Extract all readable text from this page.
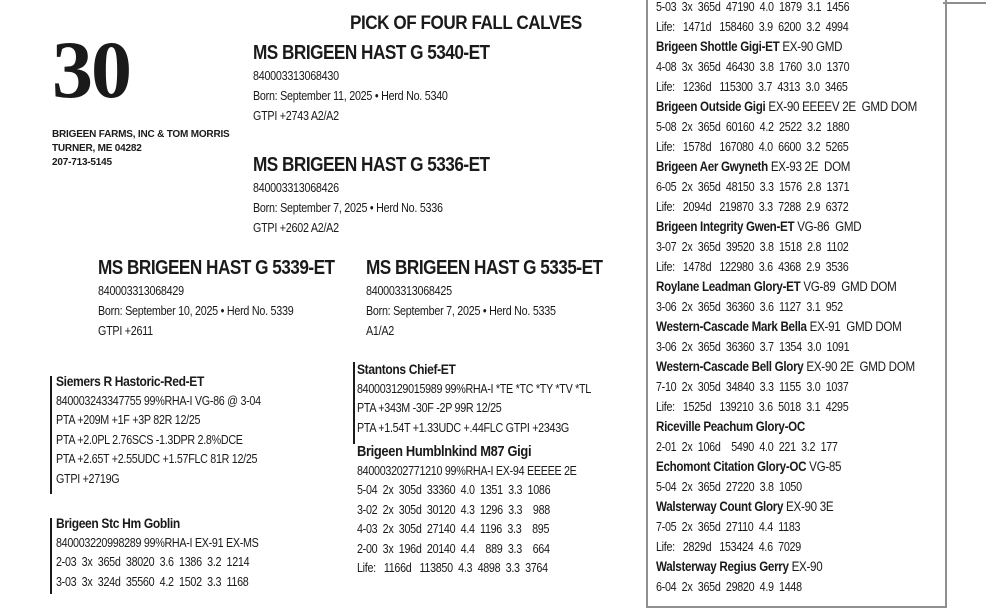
30
BRIGEEN FARMS, INC & TOM MORRIS
TURNER, ME 04282
207-713-5145
PICK OF FOUR FALL CALVES
MS BRIGEEN HAST G 5340-ET
840003313068430
Born: September 11, 2025 • Herd No. 5340
GTPI +2743 A2/A2
MS BRIGEEN HAST G 5336-ET
840003313068426
Born: September 7, 2025 • Herd No. 5336
GTPI +2602 A2/A2
MS BRIGEEN HAST G 5339-ET
840003313068429
Born: September 10, 2025 • Herd No. 5339
GTPI +2611
MS BRIGEEN HAST G 5335-ET
840003313068425
Born: September 7, 2025 • Herd No. 5335
A1/A2
Siemers R Hastoric-Red-ET
840003243347755 99%RHA-I VG-86 @ 3-04
PTA +209M +1F +3P 82R 12/25
PTA +2.0PL 2.76SCS -1.3DPR 2.8%DCE
PTA +2.65T +2.55UDC +1.57FLC 81R 12/25
GTPI +2719G
Brigeen Stc Hm Goblin
840003220998289 99%RHA-I EX-91 EX-MS
2-03  3x  365d  38020  3.6  1386  3.2  1214
3-03  3x  324d  35560  4.2  1502  3.3  1168
Stantons Chief-ET
840003129015989 99%RHA-I *TE *TC *TY *TV *TL
PTA +343M -30F -2P 99R 12/25
PTA +1.54T +1.33UDC +.44FLC GTPI +2343G
Brigeen Humblnkind M87 Gigi
840003202771210 99%RHA-I EX-94 EEEEE 2E
5-04  2x  305d  33360  4.0  1351  3.3  1086
3-02  2x  305d  30120  4.3  1296  3.3    988
4-03  2x  305d  27140  4.4  1196  3.3    895
2-00  3x  196d  20140  4.4    889  3.3    664
Life:   1166d   113850  4.3  4898  3.3  3764
5-03  3x  365d  47190  4.0  1879  3.1  1456
Life:   1471d   158460  3.9  6200  3.2  4994
Brigeen Shottle Gigi-ET EX-90 GMD
4-08  3x  365d  46430  3.8  1760  3.0  1370
Life:   1236d   115300  3.7  4313  3.0  3465
Brigeen Outside Gigi EX-90 EEEEV 2E  GMD DOM
5-08  2x  365d  60160  4.2  2522  3.2  1880
Life:   1578d   167080  4.0  6600  3.2  5265
Brigeen Aer Gwyneth EX-93 2E  DOM
6-05  2x  365d  48150  3.3  1576  2.8  1371
Life:   2094d   219870  3.3  7288  2.9  6372
Brigeen Integrity Gwen-ET VG-86  GMD
3-07  2x  365d  39520  3.8  1518  2.8  1102
Life:   1478d   122980  3.6  4368  2.9  3536
Roylane Leadman Glory-ET VG-89  GMD DOM
3-06  2x  365d  36360  3.6  1127  3.1  952
Western-Cascade Mark Bella EX-91  GMD DOM
3-06  2x  365d  36360  3.7  1354  3.0  1091
Western-Cascade Bell Glory EX-90 2E  GMD DOM
7-10  2x  305d  34840  3.3  1155  3.0  1037
Life:   1525d   139210  3.6  5018  3.1  4295
Riceville Peachum Glory-OC
2-01  2x  106d    5490  4.0  221  3.2  177
Echomont Citation Glory-OC VG-85
5-04  2x  365d  27220  3.8  1050
Walsterway Count Glory EX-90 3E
7-05  2x  365d  27110  4.4  1183
Life:   2829d   153424  4.6  7029
Walsterway Regius Gerry EX-90
6-04  2x  365d  29820  4.9  1448
